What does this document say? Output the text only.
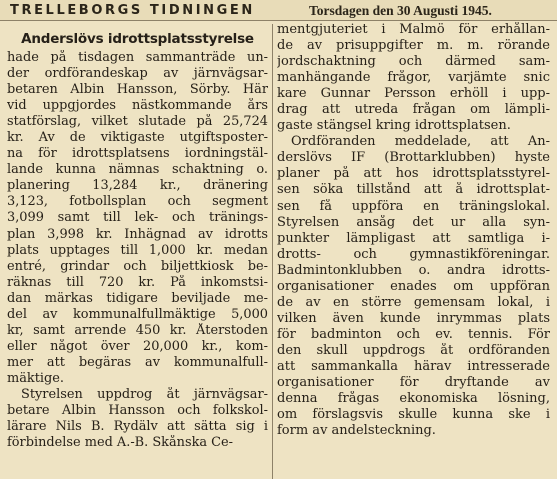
TRELLEBORGS TIDNINGEN	Torsdagen den 30 Augusti 1945.
Anderslövs idrottsplatsstyrelse
hade på tisdagen sammanträde un-
der ordförandeskap av järnvägsar-
betaren Albin Hansson, Sörby. Här
vid uppgjordes nästkommande års
statförslag, vilket slutade på 25,724
kr. Av de viktigaste utgiftsposter-
na för idrottsplatsens iordningstäl-
lande kunna nämnas schaktning o.
planering 13,284 kr., dränering
3,123, fotbollsplan och segment
3,099 samt till lek- och tränings-
plan 3,998 kr. Inhägnad av idrotts
plats upptages till 1,000 kr. medan
entré, grindar och biljettkiosk be-
räknas till 720 kr. På inkomstsi-
dan märkas tidigare beviljade me-
del av kommunalfullmäktige 5,000
kr, samt arrende 450 kr. Återstoden
eller något över 20,000 kr., kom-
mer att begäras av kommunalfull-
mäktige.
Styrelsen uppdrog åt järnvägsar-
betare Albin Hansson och folkskol-
lärare Nils B. Rydälv att sätta sig i
förbindelse med A.-B. Skånska Ce-
mentgjuteriet i Malmö för erhållan-
de av prisuppgifter m. m. rörande
jordschaktning och därmed sam-
manhängande frågor, varjämte snic
kare Gunnar Persson erhöll i upp-
drag att utreda frågan om lämpli-
gaste stängsel kring idrottsplatsen.
Ordföranden meddelade, att An-
derslövs IF (Brottarklubben) hyste
planer på att hos idrottsplatsstyrel-
sen söka tillstånd att å idrottsplat-
sen få uppföra en träningslokal.
Styrelsen ansåg det ur alla syn-
punkter lämpligast att samtliga i-
drotts- och gymnastikföreningar.
Badmintonklubben o. andra idrotts-
organisationer enades om uppföran
de av en större gemensam lokal, i
vilken även kunde inrymmas plats
för badminton och ev. tennis. För
den skull uppdrogs åt ordföranden
att sammankalla härav intresserade
organisationer för dryftande av
denna frågas ekonomiska lösning,
om förslagsvis skulle kunna ske i
form av andelsteckning.
